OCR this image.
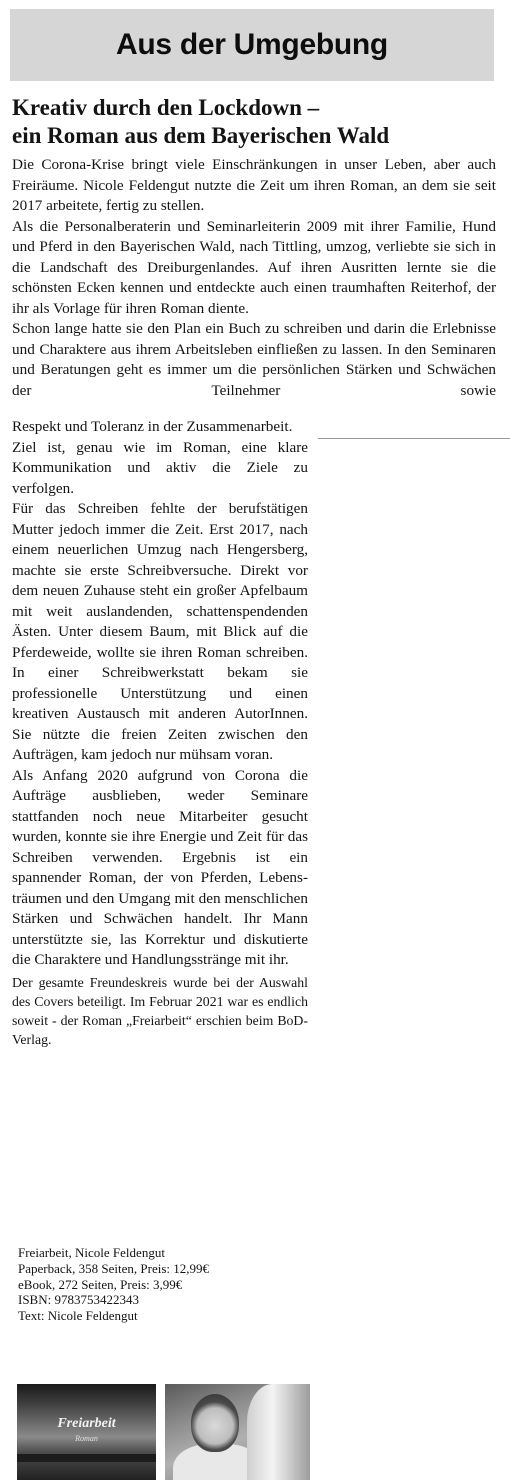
Aus der Umgebung
Kreativ durch den Lockdown –
ein Roman aus dem Bayerischen Wald

Die Corona-Krise bringt viele Einschränkungen in unser Leben, aber auch Freiräume. Nicole Feldengut nutzte die Zeit um ihren Roman, an dem sie seit 2017 arbeitete, fertig zu stellen.

Als die Personalberaterin und Seminarleiterin 2009 mit ihrer Familie, Hund und Pferd in den Bayerischen Wald, nach Tittling, umzog, verliebte sie sich in die Landschaft des Dreiburgenlandes. Auf ihren Ausritten lernte sie die schönsten Ecken kennen und entdeckte auch einen traumhaften Reiterhof, der ihr als Vorlage für ihren Roman diente.

Schon lange hatte sie den Plan ein Buch zu schreiben und darin die Erlebnisse und Charaktere aus ihrem Arbeitsleben einfließen zu lassen. In den Seminaren und Beratungen geht es immer um die persönlichen Stärken und Schwächen der Teilnehmer sowie

Respekt und Toleranz in der Zusammenarbeit.

Ziel ist, genau wie im Roman, eine klare Kommunikation und aktiv die Ziele zu verfolgen.

Für das Schreiben fehlte der berufstätigen Mutter jedoch immer die Zeit. Erst 2017, nach einem neuerlichen Umzug nach Hengersberg, machte sie erste Schreibversuche. Direkt vor dem neuen Zuhause steht ein großer Apfelbaum mit weit auslandenden, schattenspendenden Ästen. Unter diesem Baum, mit Blick auf die Pferdeweide, wollte sie ihren Roman schreiben. In einer Schreibwerkstatt bekam sie professionelle Unterstützung und einen kreativen Austausch mit anderen AutorInnen. Sie nützte die freien Zeiten zwischen den Aufträgen, kam jedoch nur mühsam voran.

Als Anfang 2020 aufgrund von Corona die Aufträge ausblieben, weder Seminare stattfanden noch neue Mitarbeiter gesucht wurden, konnte sie ihre Energie und Zeit für das Schreiben verwenden. Ergebnis ist ein spannender Roman, der von Pferden, Lebensträumen und den Umgang mit den menschlichen Stärken und Schwächen handelt. Ihr Mann unterstützte sie, las Korrektur und diskutierte die Charaktere und Handlungsstränge mit ihr.

Der gesamte Freundeskreis wurde bei der Auswahl des Covers beteiligt. Im Februar 2021 war es endlich soweit - der Roman „Freiarbeit“ erschien beim BoD-Verlag.

Freiarbeit, Nicole Feldengut
Paperback, 358 Seiten, Preis: 12,99€
eBook, 272 Seiten, Preis: 3,99€
ISBN: 9783753422343
Text: Nicole Feldengut
Freiarbeit
Roman
